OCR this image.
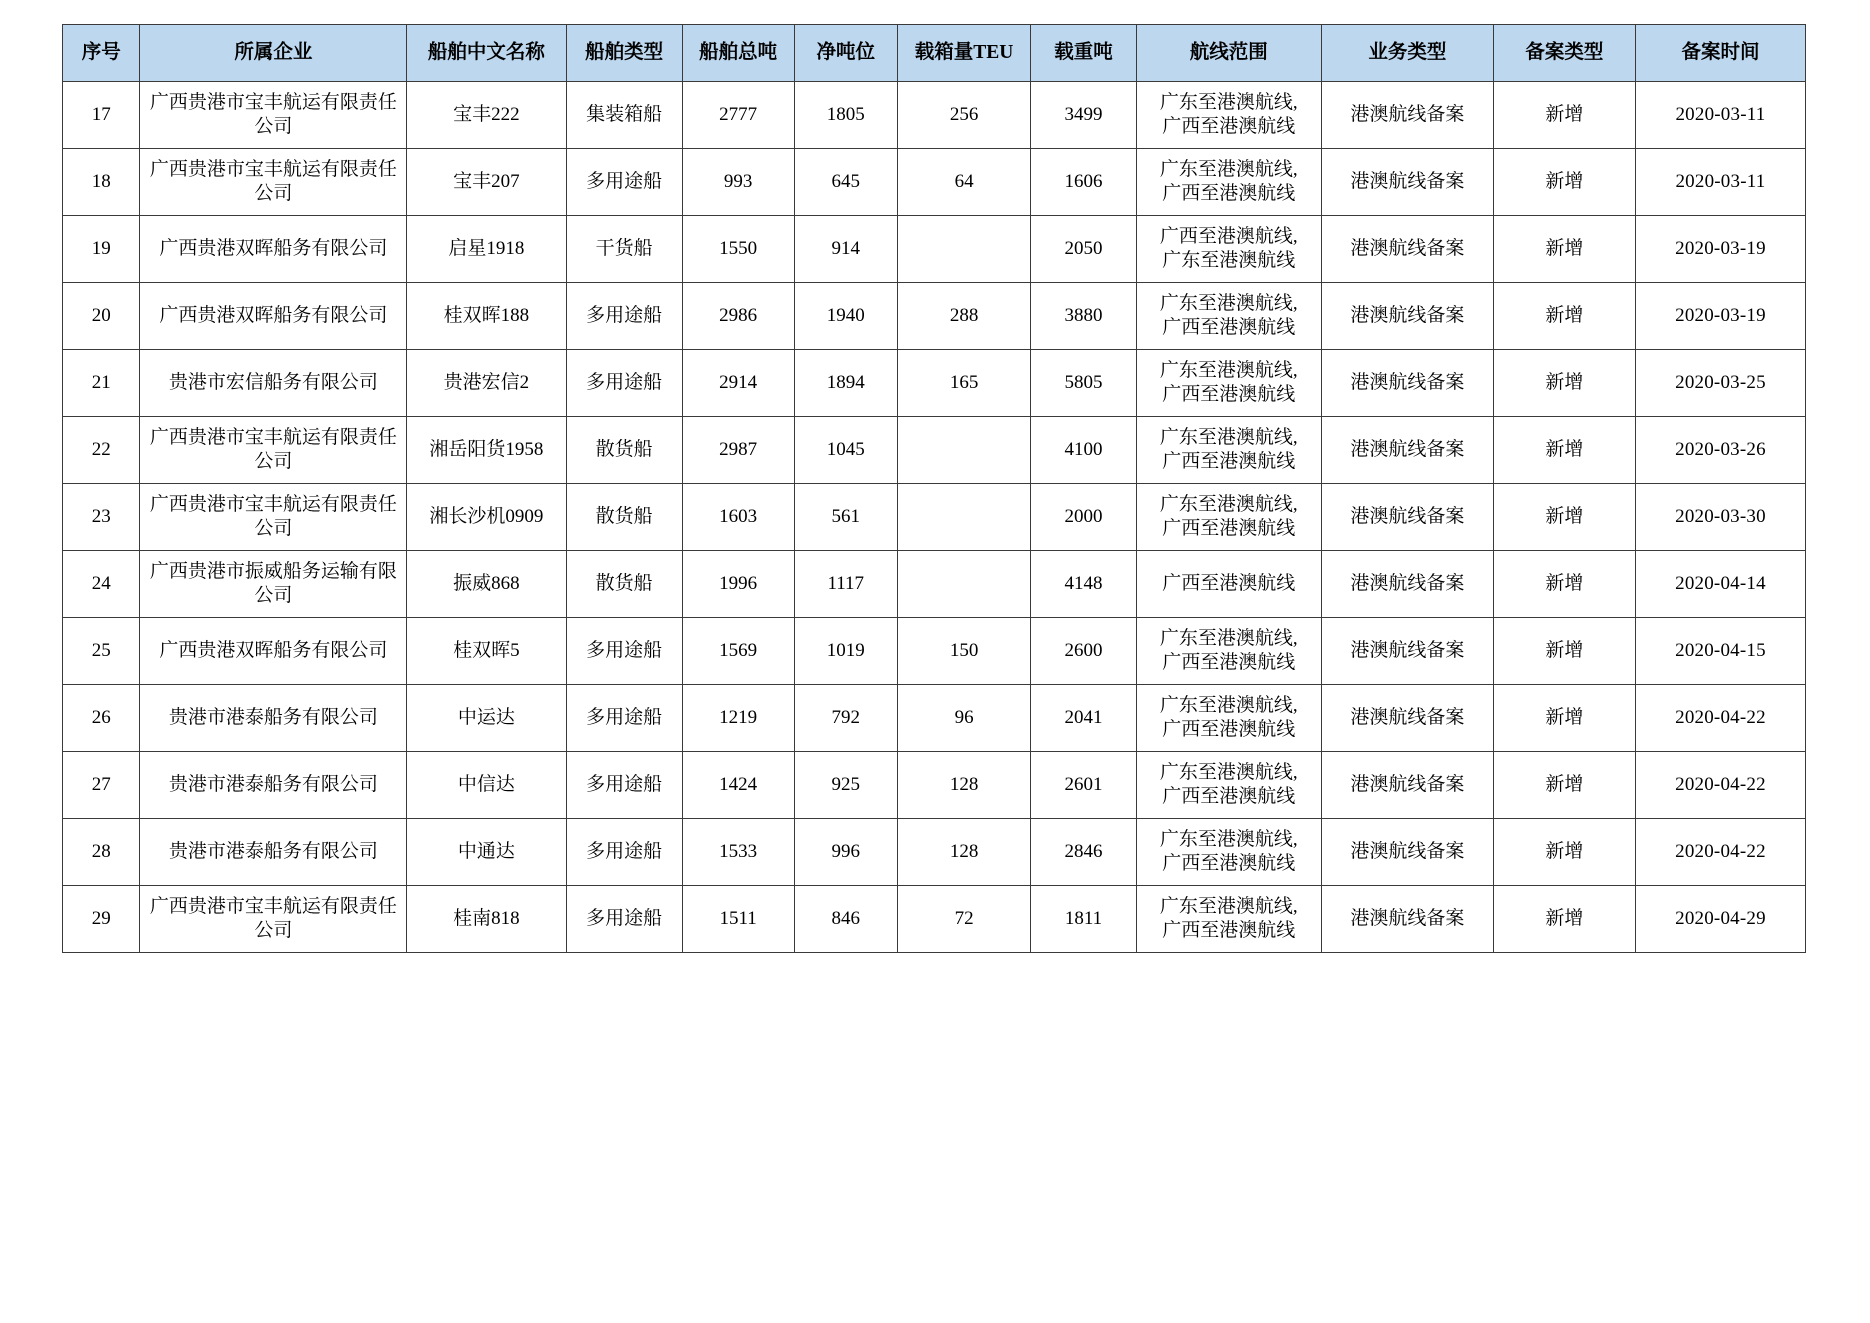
序号	所属企业	船舶中文名称	船舶类型	船舶总吨	净吨位	载箱量TEU	载重吨	航线范围	业务类型	备案类型	备案时间
17	广西贵港市宝丰航运有限责任公司	宝丰222	集装箱船	2777	1805	256	3499	广东至港澳航线,
广西至港澳航线	港澳航线备案	新增	2020-03-11
18	广西贵港市宝丰航运有限责任公司	宝丰207	多用途船	993	645	64	1606	广东至港澳航线,
广西至港澳航线	港澳航线备案	新增	2020-03-11
19	广西贵港双晖船务有限公司	启星1918	干货船	1550	914		2050	广西至港澳航线,
广东至港澳航线	港澳航线备案	新增	2020-03-19
20	广西贵港双晖船务有限公司	桂双晖188	多用途船	2986	1940	288	3880	广东至港澳航线,
广西至港澳航线	港澳航线备案	新增	2020-03-19
21	贵港市宏信船务有限公司	贵港宏信2	多用途船	2914	1894	165	5805	广东至港澳航线,
广西至港澳航线	港澳航线备案	新增	2020-03-25
22	广西贵港市宝丰航运有限责任公司	湘岳阳货1958	散货船	2987	1045		4100	广东至港澳航线,
广西至港澳航线	港澳航线备案	新增	2020-03-26
23	广西贵港市宝丰航运有限责任公司	湘长沙机0909	散货船	1603	561		2000	广东至港澳航线,
广西至港澳航线	港澳航线备案	新增	2020-03-30
24	广西贵港市振威船务运输有限公司	振威868	散货船	1996	1117		4148	广西至港澳航线	港澳航线备案	新增	2020-04-14
25	广西贵港双晖船务有限公司	桂双晖5	多用途船	1569	1019	150	2600	广东至港澳航线,
广西至港澳航线	港澳航线备案	新增	2020-04-15
26	贵港市港泰船务有限公司	中运达	多用途船	1219	792	96	2041	广东至港澳航线,
广西至港澳航线	港澳航线备案	新增	2020-04-22
27	贵港市港泰船务有限公司	中信达	多用途船	1424	925	128	2601	广东至港澳航线,
广西至港澳航线	港澳航线备案	新增	2020-04-22
28	贵港市港泰船务有限公司	中通达	多用途船	1533	996	128	2846	广东至港澳航线,
广西至港澳航线	港澳航线备案	新增	2020-04-22
29	广西贵港市宝丰航运有限责任公司	桂南818	多用途船	1511	846	72	1811	广东至港澳航线,
广西至港澳航线	港澳航线备案	新增	2020-04-29
